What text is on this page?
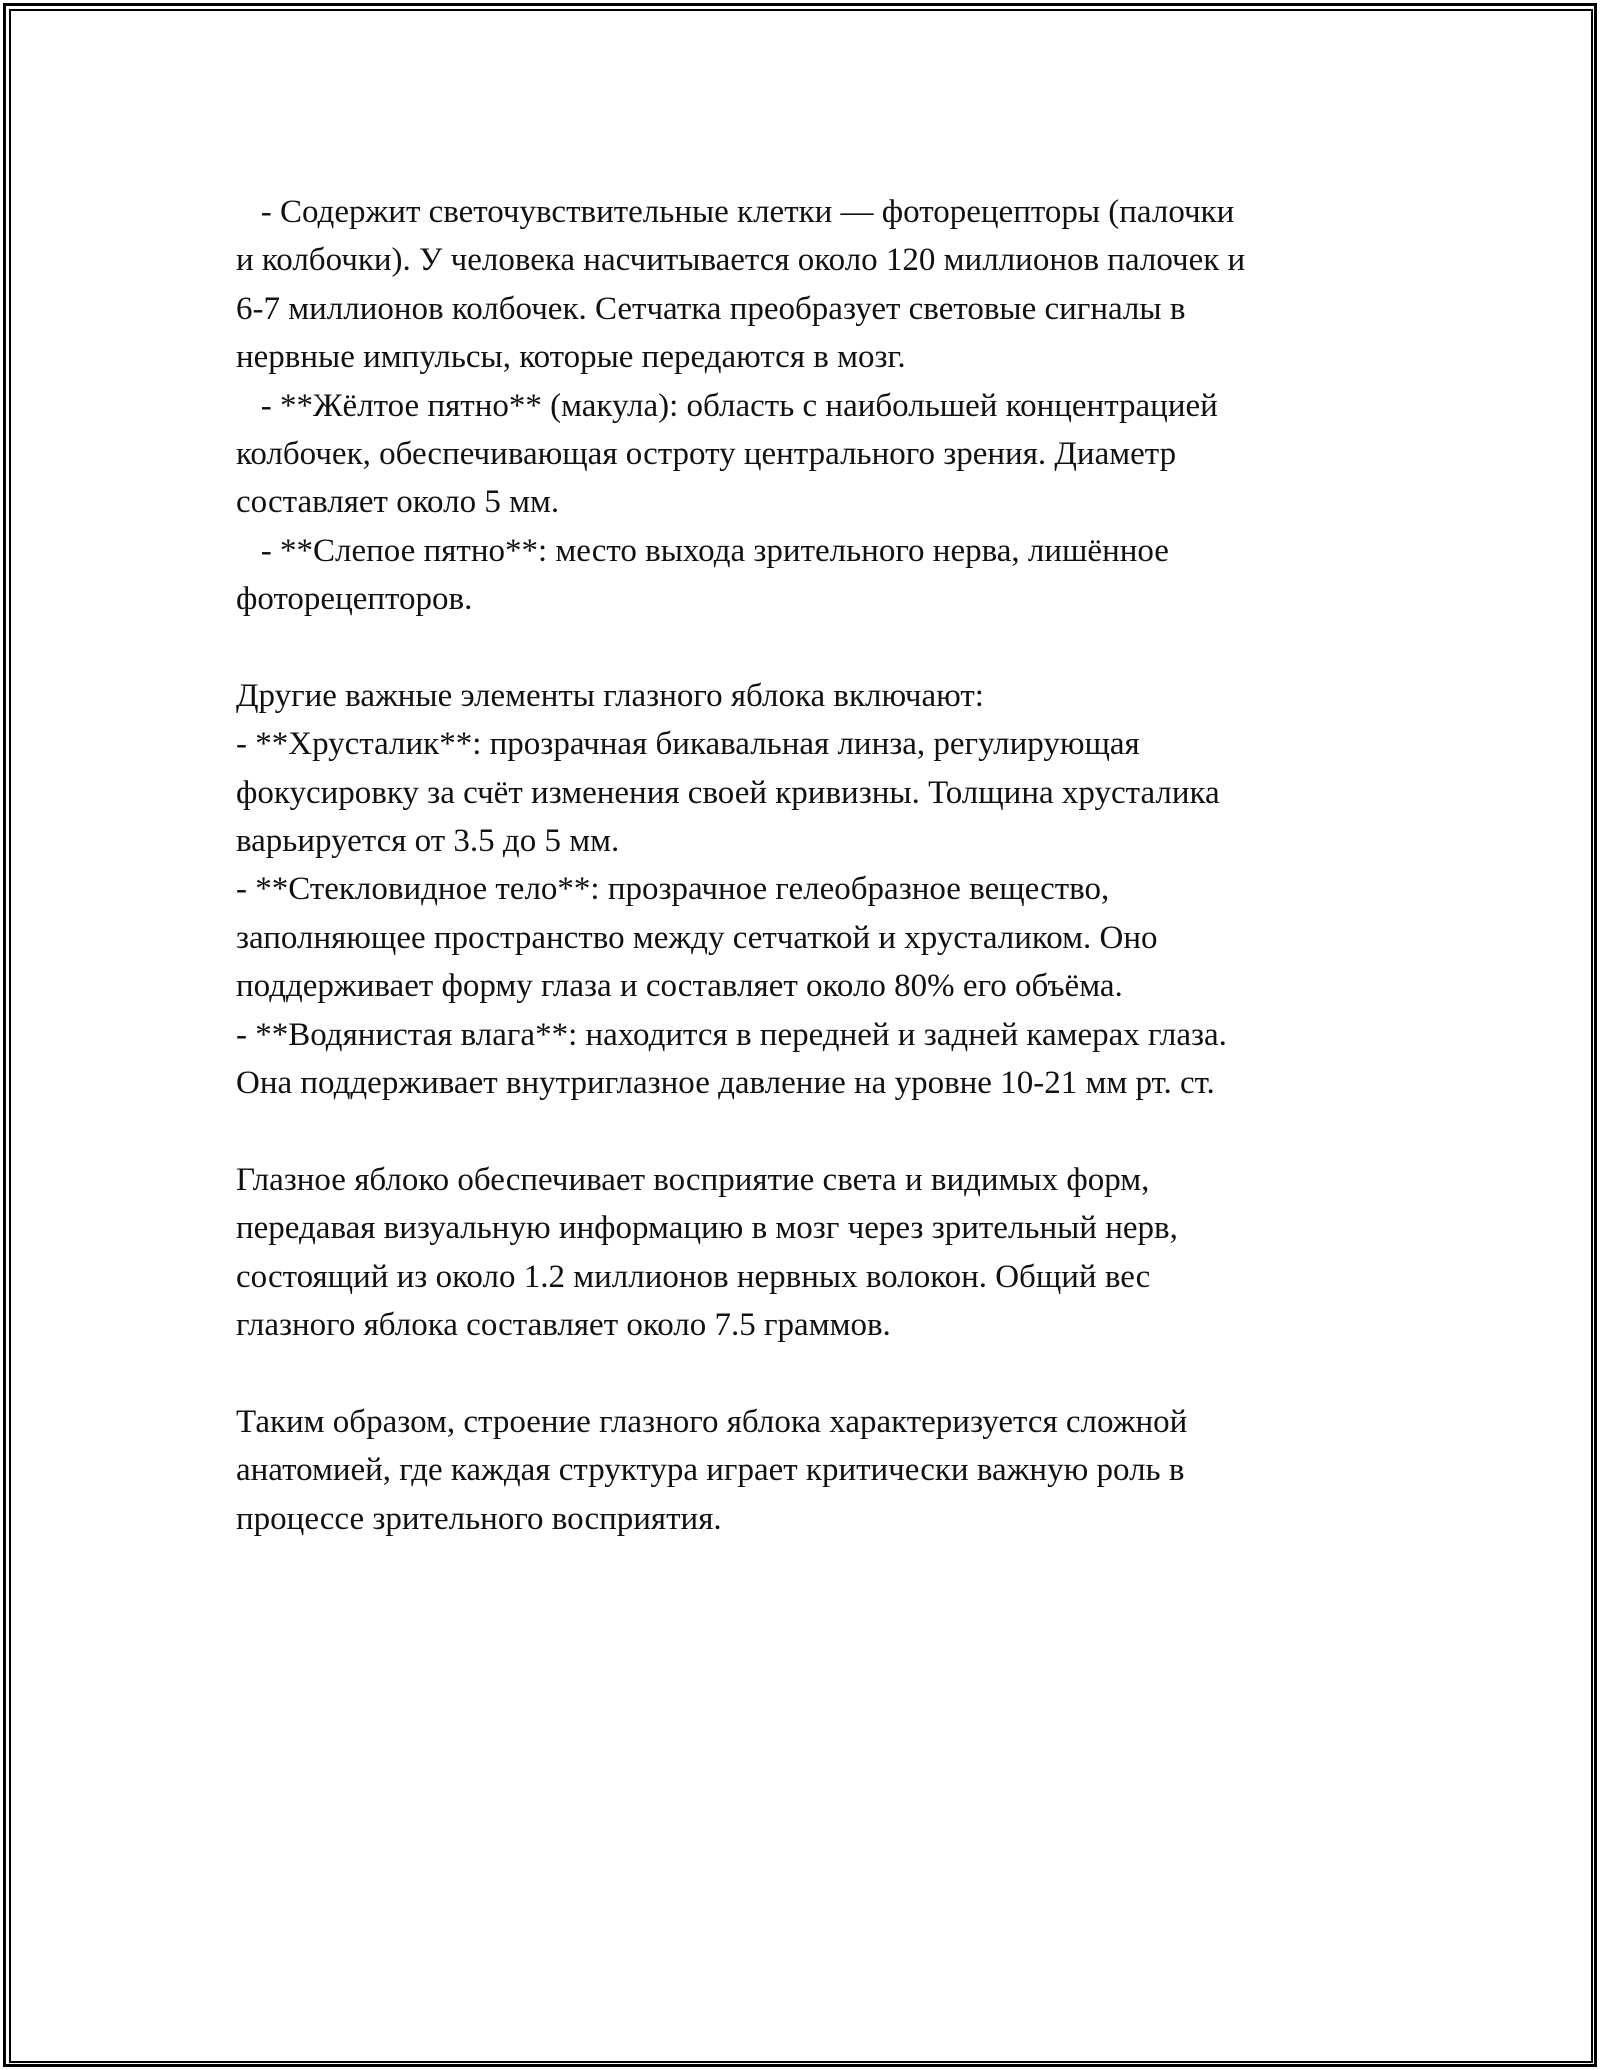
- Содержит светочувствительные клетки — фоторецепторы (палочки
и колбочки). У человека насчитывается около 120 миллионов палочек и
6-7 миллионов колбочек. Сетчатка преобразует световые сигналы в
нервные импульсы, которые передаются в мозг.
- **Жёлтое пятно** (макула): область с наибольшей концентрацией
колбочек, обеспечивающая остроту центрального зрения. Диаметр
составляет около 5 мм.
- **Слепое пятно**: место выхода зрительного нерва, лишённое
фоторецепторов.
Другие важные элементы глазного яблока включают:
- **Хрусталик**: прозрачная бикавальная линза, регулирующая
фокусировку за счёт изменения своей кривизны. Толщина хрусталика
варьируется от 3.5 до 5 мм.
- **Стекловидное тело**: прозрачное гелеобразное вещество,
заполняющее пространство между сетчаткой и хрусталиком. Оно
поддерживает форму глаза и составляет около 80% его объёма.
- **Водянистая влага**: находится в передней и задней камерах глаза.
Она поддерживает внутриглазное давление на уровне 10-21 мм рт. ст.
Глазное яблоко обеспечивает восприятие света и видимых форм,
передавая визуальную информацию в мозг через зрительный нерв,
состоящий из около 1.2 миллионов нервных волокон. Общий вес
глазного яблока составляет около 7.5 граммов.
Таким образом, строение глазного яблока характеризуется сложной
анатомией, где каждая структура играет критически важную роль в
процессе зрительного восприятия.
